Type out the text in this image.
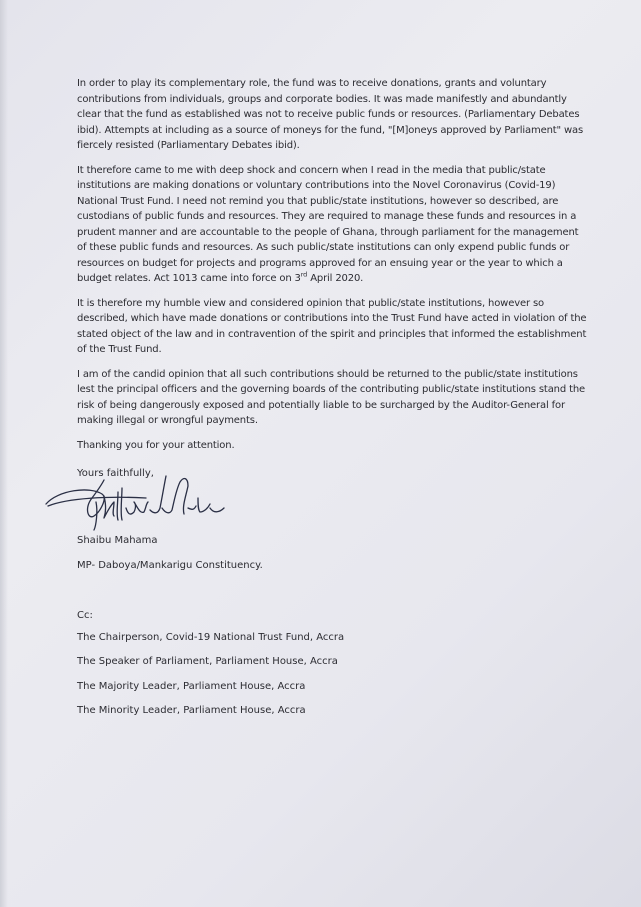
In order to play its complementary role, the fund was to receive donations, grants and voluntary contributions from individuals, groups and corporate bodies. It was made manifestly and abundantly clear that the fund as established was not to receive public funds or resources. (Parliamentary Debates ibid). Attempts at including as a source of moneys for the fund, "[M]oneys approved by Parliament" was fiercely resisted (Parliamentary Debates ibid).

It therefore came to me with deep shock and concern when I read in the media that public/state institutions are making donations or voluntary contributions into the Novel Coronavirus (Covid-19) National Trust Fund. I need not remind you that public/state institutions, however so described, are custodians of public funds and resources. They are required to manage these funds and resources in a prudent manner and are accountable to the people of Ghana, through parliament for the management of these public funds and resources. As such public/state institutions can only expend public funds or resources on budget for projects and programs approved for an ensuing year or the year to which a budget relates. Act 1013 came into force on 3rd April 2020.

It is therefore my humble view and considered opinion that public/state institutions, however so described, which have made donations or contributions into the Trust Fund have acted in violation of the stated object of the law and in contravention of the spirit and principles that informed the establishment of the Trust Fund.

I am of the candid opinion that all such contributions should be returned to the public/state institutions lest the principal officers and the governing boards of the contributing public/state institutions stand the risk of being dangerously exposed and potentially liable to be surcharged by the Auditor-General for making illegal or wrongful payments.

Thanking you for your attention.

Yours faithfully,
Shaibu Mahama
MP- Daboya/Mankarigu Constituency.
Cc:
The Chairperson, Covid-19 National Trust Fund, Accra
The Speaker of Parliament, Parliament House, Accra
The Majority Leader, Parliament House, Accra
The Minority Leader, Parliament House, Accra
